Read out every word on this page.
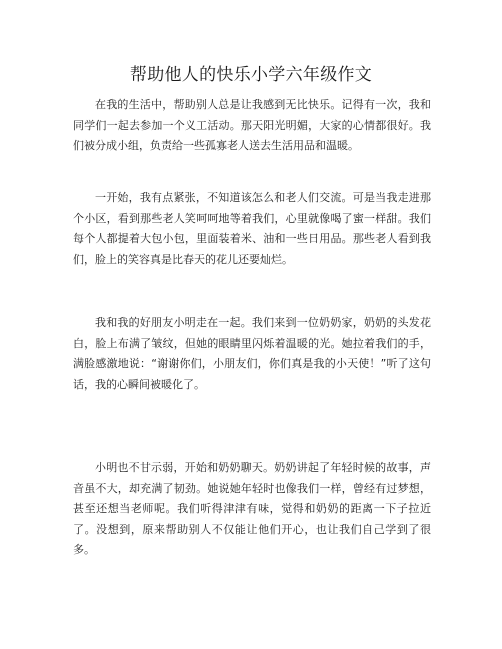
帮助他人的快乐小学六年级作文

在我的生活中，帮助别人总是让我感到无比快乐。记得有一次，我和同学们一起去参加一个义工活动。那天阳光明媚，大家的心情都很好。我们被分成小组，负责给一些孤寡老人送去生活用品和温暖。

一开始，我有点紧张，不知道该怎么和老人们交流。可是当我走进那个小区，看到那些老人笑呵呵地等着我们，心里就像喝了蜜一样甜。我们每个人都提着大包小包，里面装着米、油和一些日用品。那些老人看到我们，脸上的笑容真是比春天的花儿还要灿烂。

我和我的好朋友小明走在一起。我们来到一位奶奶家，奶奶的头发花白，脸上布满了皱纹，但她的眼睛里闪烁着温暖的光。她拉着我们的手，满脸感激地说：“谢谢你们，小朋友们，你们真是我的小天使！”听了这句话，我的心瞬间被暖化了。

小明也不甘示弱，开始和奶奶聊天。奶奶讲起了年轻时候的故事，声音虽不大，却充满了韧劲。她说她年轻时也像我们一样，曾经有过梦想，甚至还想当老师呢。我们听得津津有味，觉得和奶奶的距离一下子拉近了。没想到，原来帮助别人不仅能让他们开心，也让我们自己学到了很多。
